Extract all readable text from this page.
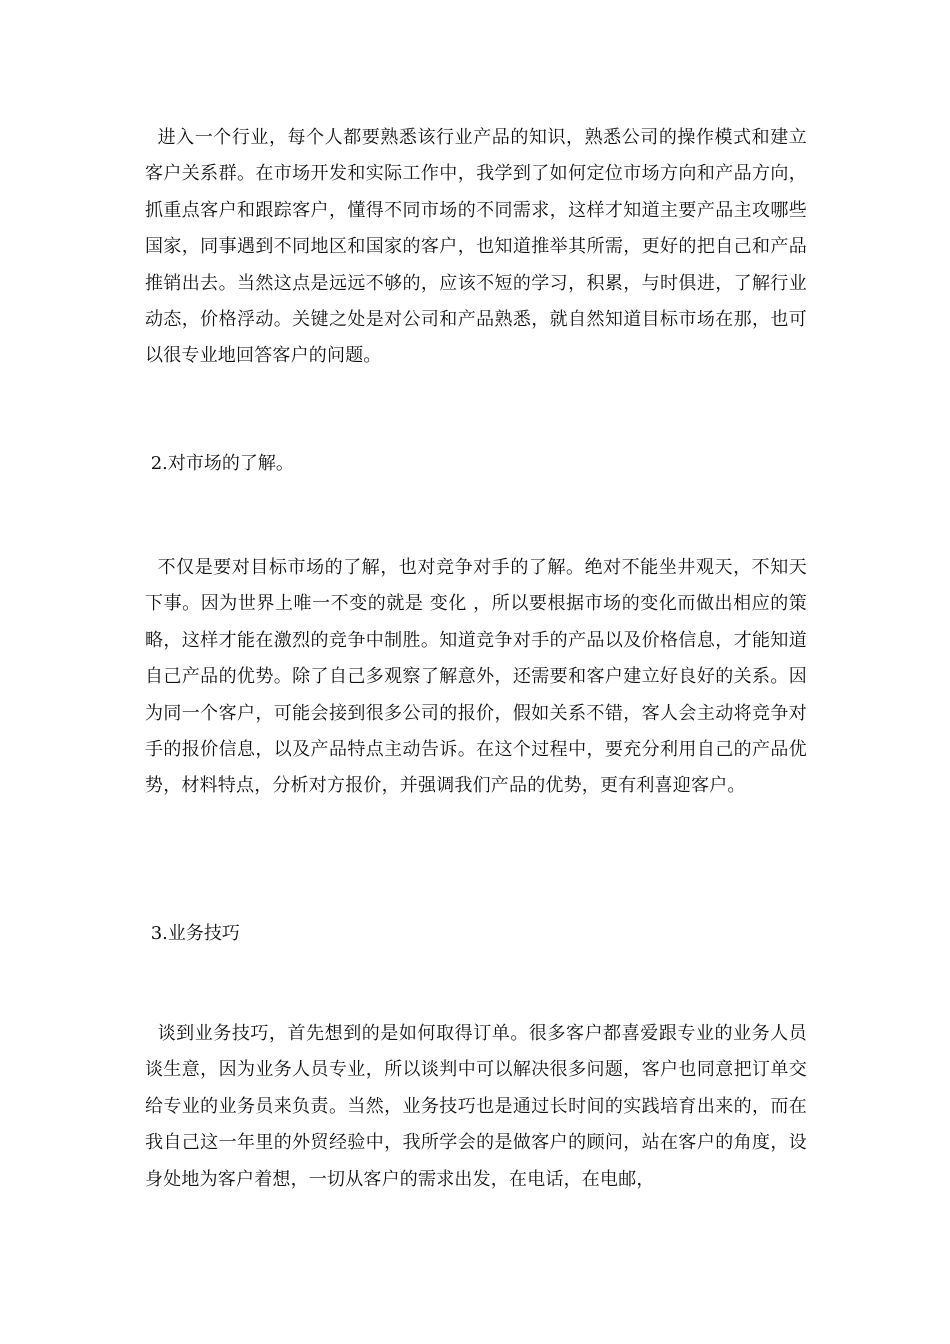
进入一个行业，每个人都要熟悉该行业产品的知识，熟悉公司的操作模式和建立客户关系群。在市场开发和实际工作中，我学到了如何定位市场方向和产品方向，抓重点客户和跟踪客户，懂得不同市场的不同需求，这样才知道主要产品主攻哪些国家，同事遇到不同地区和国家的客户，也知道推举其所需，更好的把自己和产品推销出去。当然这点是远远不够的，应该不短的学习，积累，与时俱进，了解行业动态，价格浮动。关键之处是对公司和产品熟悉，就自然知道目标市场在那，也可以很专业地回答客户的问题。

2.对市场的了解。

不仅是要对目标市场的了解，也对竞争对手的了解。绝对不能坐井观天，不知天下事。因为世界上唯一不变的就是 变化 ，所以要根据市场的变化而做出相应的策略，这样才能在激烈的竞争中制胜。知道竞争对手的产品以及价格信息，才能知道自己产品的优势。除了自己多观察了解意外，还需要和客户建立好良好的关系。因为同一个客户，可能会接到很多公司的报价，假如关系不错，客人会主动将竞争对手的报价信息，以及产品特点主动告诉。在这个过程中，要充分利用自己的产品优势，材料特点，分析对方报价，并强调我们产品的优势，更有利喜迎客户。

3.业务技巧

谈到业务技巧，首先想到的是如何取得订单。很多客户都喜爱跟专业的业务人员谈生意，因为业务人员专业，所以谈判中可以解决很多问题，客户也同意把订单交给专业的业务员来负责。当然，业务技巧也是通过长时间的实践培育出来的，而在我自己这一年里的外贸经验中，我所学会的是做客户的顾问，站在客户的角度，设身处地为客户着想，一切从客户的需求出发，在电话，在电邮，
